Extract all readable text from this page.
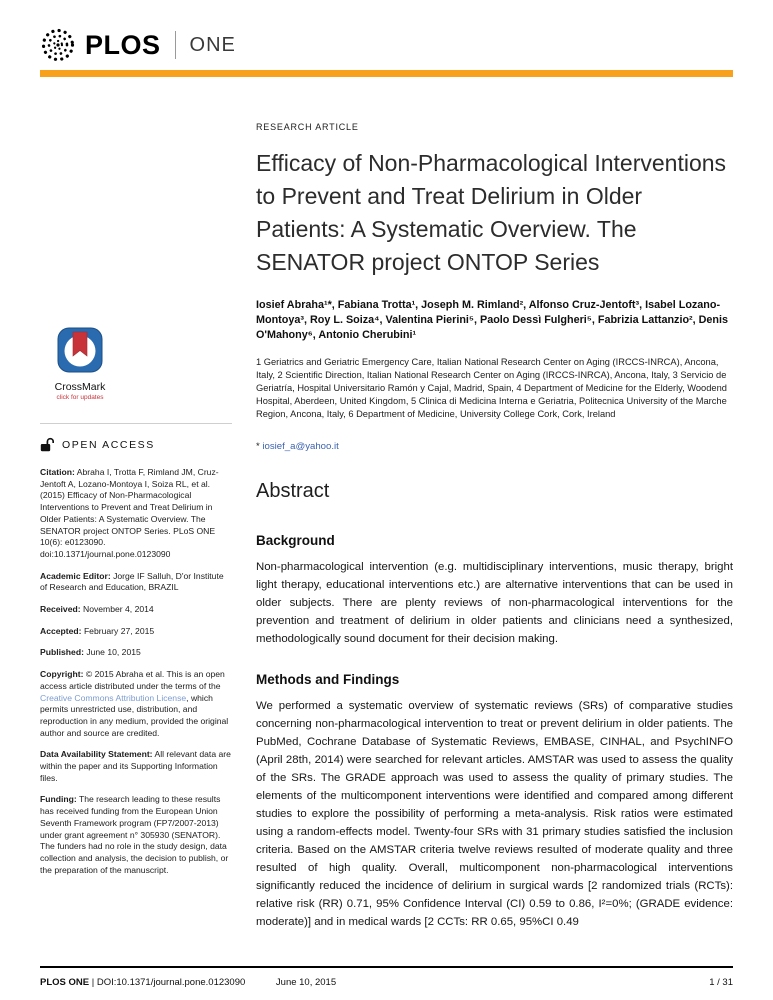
PLOS ONE
CrossMark
click for updates
OPEN ACCESS

Citation: Abraha I, Trotta F, Rimland JM, Cruz-Jentoft A, Lozano-Montoya I, Soiza RL, et al. (2015) Efficacy of Non-Pharmacological Interventions to Prevent and Treat Delirium in Older Patients: A Systematic Overview. The SENATOR project ONTOP Series. PLoS ONE 10(6): e0123090. doi:10.1371/journal.pone.0123090

Academic Editor: Jorge IF Salluh, D'or Institute of Research and Education, BRAZIL

Received: November 4, 2014

Accepted: February 27, 2015

Published: June 10, 2015

Copyright: © 2015 Abraha et al. This is an open access article distributed under the terms of the Creative Commons Attribution License, which permits unrestricted use, distribution, and reproduction in any medium, provided the original author and source are credited.

Data Availability Statement: All relevant data are within the paper and its Supporting Information files.

Funding: The research leading to these results has received funding from the European Union Seventh Framework program (FP7/2007-2013) under grant agreement n° 305930 (SENATOR). The funders had no role in the study design, data collection and analysis, the decision to publish, or the preparation of the manuscript.

RESEARCH ARTICLE

Efficacy of Non-Pharmacological Interventions to Prevent and Treat Delirium in Older Patients: A Systematic Overview. The SENATOR project ONTOP Series

Iosief Abraha¹*, Fabiana Trotta¹, Joseph M. Rimland², Alfonso Cruz-Jentoft³, Isabel Lozano-Montoya³, Roy L. Soiza⁴, Valentina Pierini⁵, Paolo Dessì Fulgheri⁵, Fabrizia Lattanzio², Denis O'Mahony⁶, Antonio Cherubini¹

1 Geriatrics and Geriatric Emergency Care, Italian National Research Center on Aging (IRCCS-INRCA), Ancona, Italy, 2 Scientific Direction, Italian National Research Center on Aging (IRCCS-INRCA), Ancona, Italy, 3 Servicio de Geriatría, Hospital Universitario Ramón y Cajal, Madrid, Spain, 4 Department of Medicine for the Elderly, Woodend Hospital, Aberdeen, United Kingdom, 5 Clinica di Medicina Interna e Geriatria, Politecnica University of the Marche Region, Ancona, Italy, 6 Department of Medicine, University College Cork, Cork, Ireland

* iosief_a@yahoo.it

Abstract
Background

Non-pharmacological intervention (e.g. multidisciplinary interventions, music therapy, bright light therapy, educational interventions etc.) are alternative interventions that can be used in older subjects. There are plenty reviews of non-pharmacological interventions for the prevention and treatment of delirium in older patients and clinicians need a synthesized, methodologically sound document for their decision making.

Methods and Findings

We performed a systematic overview of systematic reviews (SRs) of comparative studies concerning non-pharmacological intervention to treat or prevent delirium in older patients. The PubMed, Cochrane Database of Systematic Reviews, EMBASE, CINHAL, and PsychINFO (April 28th, 2014) were searched for relevant articles. AMSTAR was used to assess the quality of the SRs. The GRADE approach was used to assess the quality of primary studies. The elements of the multicomponent interventions were identified and compared among different studies to explore the possibility of performing a meta-analysis. Risk ratios were estimated using a random-effects model. Twenty-four SRs with 31 primary studies satisfied the inclusion criteria. Based on the AMSTAR criteria twelve reviews resulted of moderate quality and three resulted of high quality. Overall, multicomponent non-pharmacological interventions significantly reduced the incidence of delirium in surgical wards [2 randomized trials (RCTs): relative risk (RR) 0.71, 95% Confidence Interval (CI) 0.59 to 0.86, I²=0%; (GRADE evidence: moderate)] and in medical wards [2 CCTs: RR 0.65, 95%CI 0.49

PLOS ONE | DOI:10.1371/journal.pone.0123090	June 10, 2015	1 / 31
